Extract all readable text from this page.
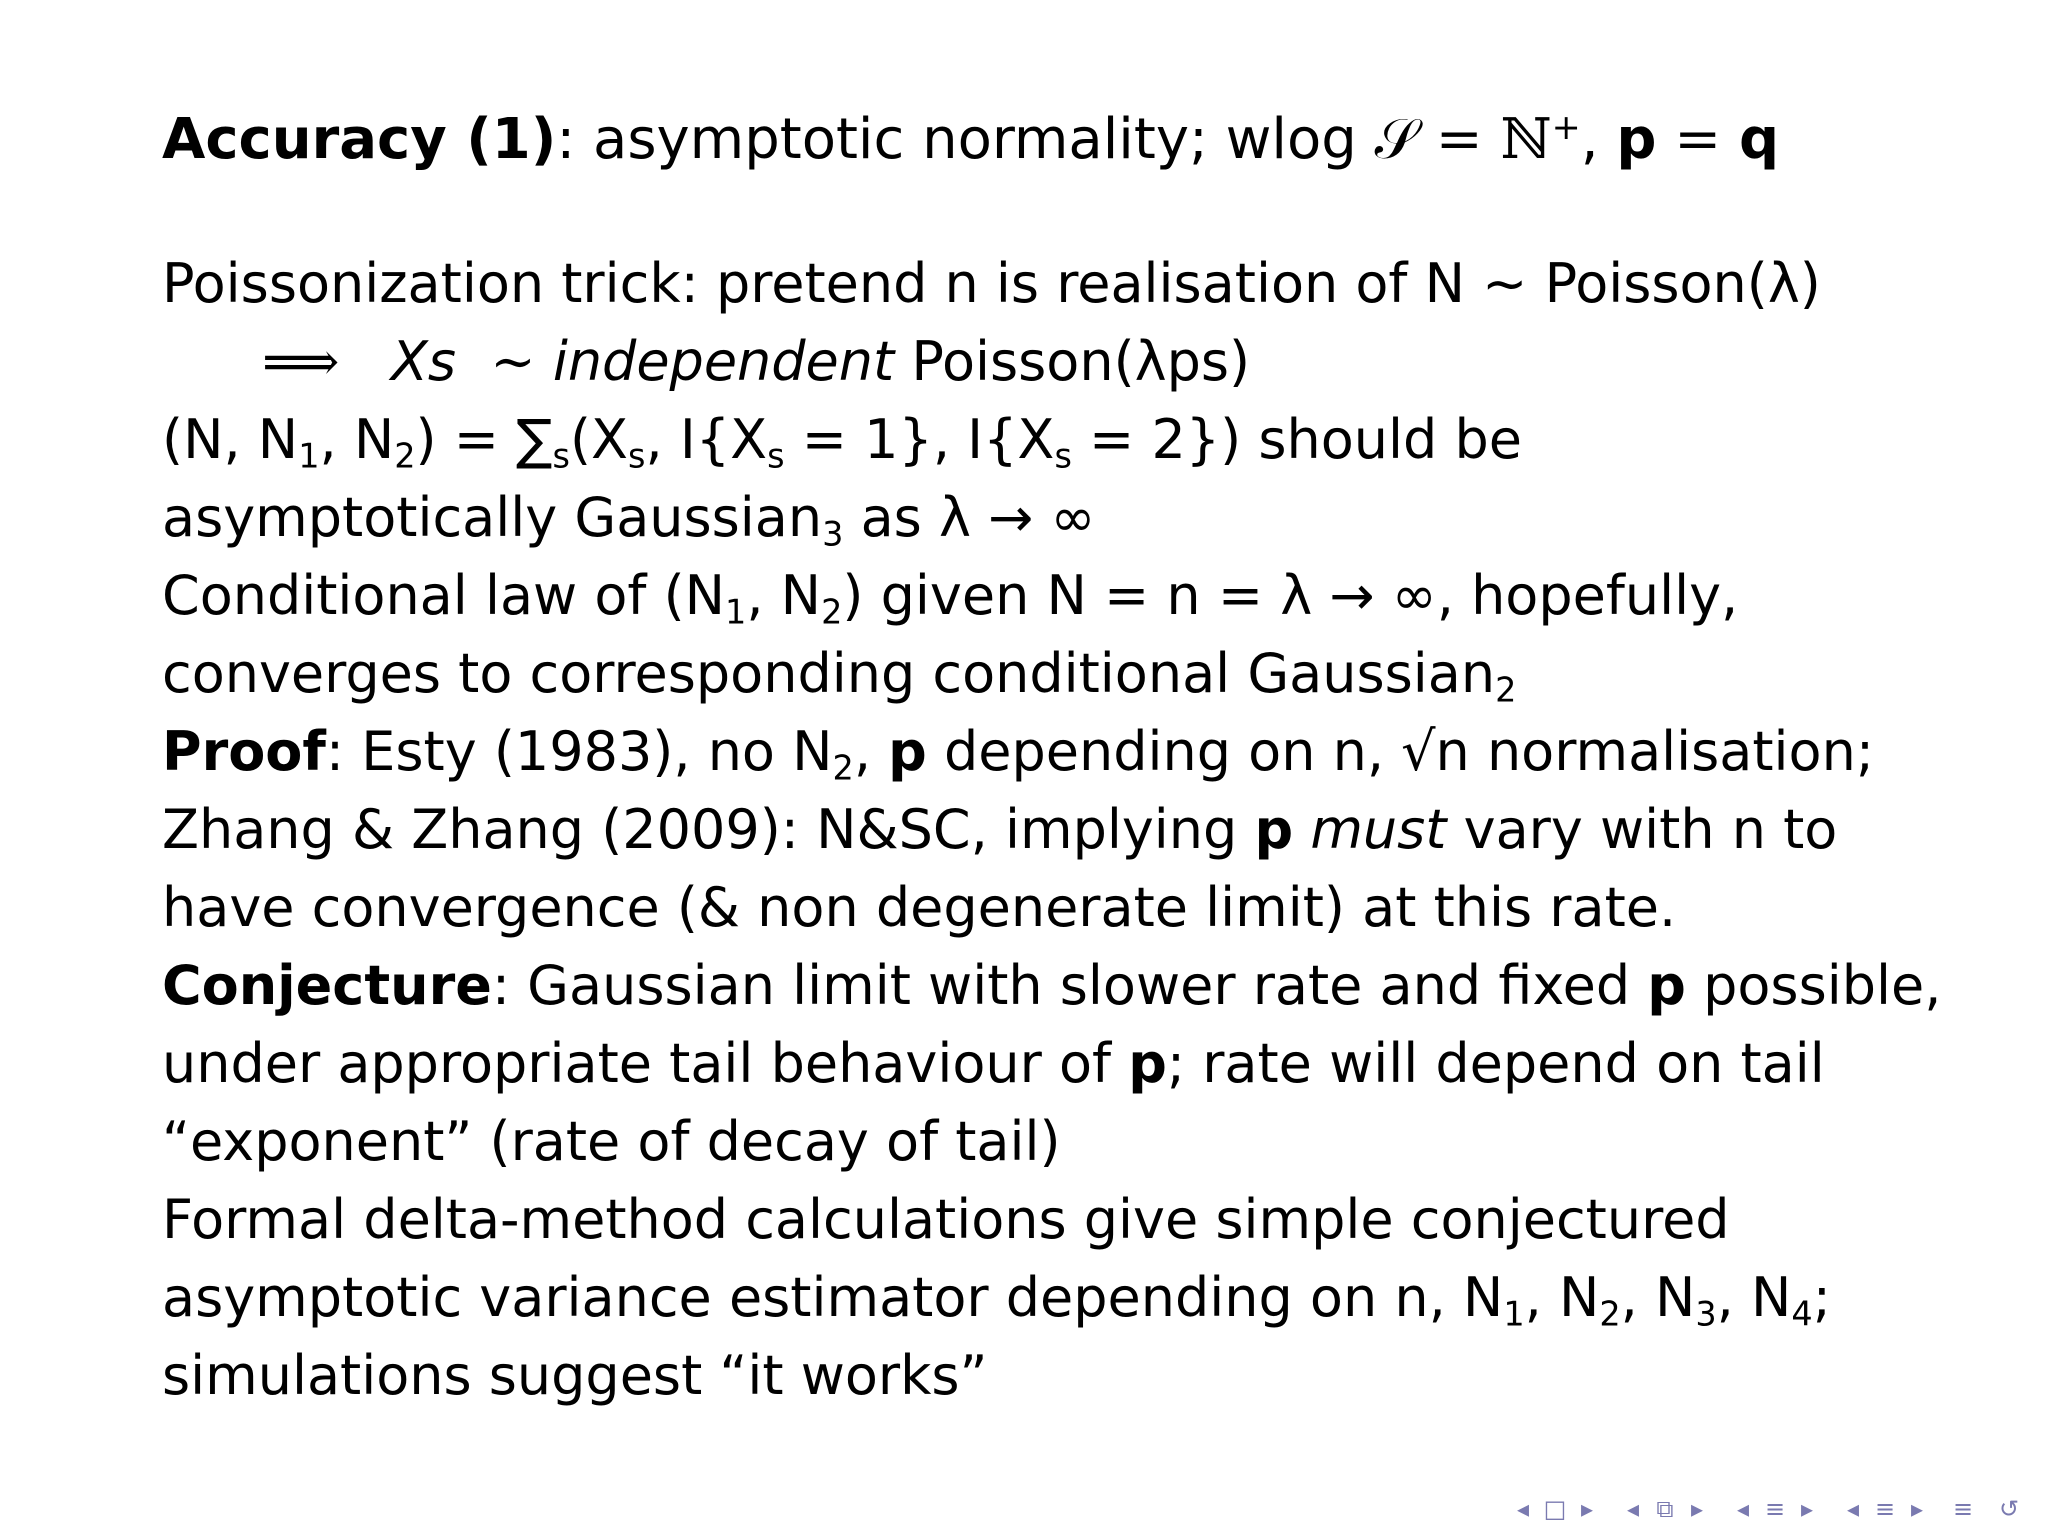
Accuracy (1): asymptotic normality; wlog 𝒮 = ℕ+, p = q
Poissonization trick: pretend n is realisation of N ∼ Poisson(λ)
⟹ Xs ∼ independent Poisson(λps)
(N, $N_1$, $N_2) = \sum_s(X_s$, $I\{X_s = 1\}$, $I\{X_s = 2\}$) should be
asymptotically Gaussian$_3$ as λ → ∞
Conditional law of ($N_1$, $N_2$) given N = n = λ → ∞, hopefully,
converges to corresponding conditional Gaussian$_2$
Proof: Esty (1983), no $N_2$, p depending on n, √n normalisation;
Zhang & Zhang (2009): N&SC, implying p must vary with n to
have convergence (& non degenerate limit) at this rate.
Conjecture: Gaussian limit with slower rate and fixed p possible,
under appropriate tail behaviour of p; rate will depend on tail
“exponent” (rate of decay of tail)
Formal delta-method calculations give simple conjectured
asymptotic variance estimator depending on n, $N_1$, $N_2$, $N_3$, $N_4$;
simulations suggest “it works”
◂ □ ▸ ◂ ⧉ ▸ ◂ ≡ ▸ ◂ ≡ ▸ ≡ ↺
